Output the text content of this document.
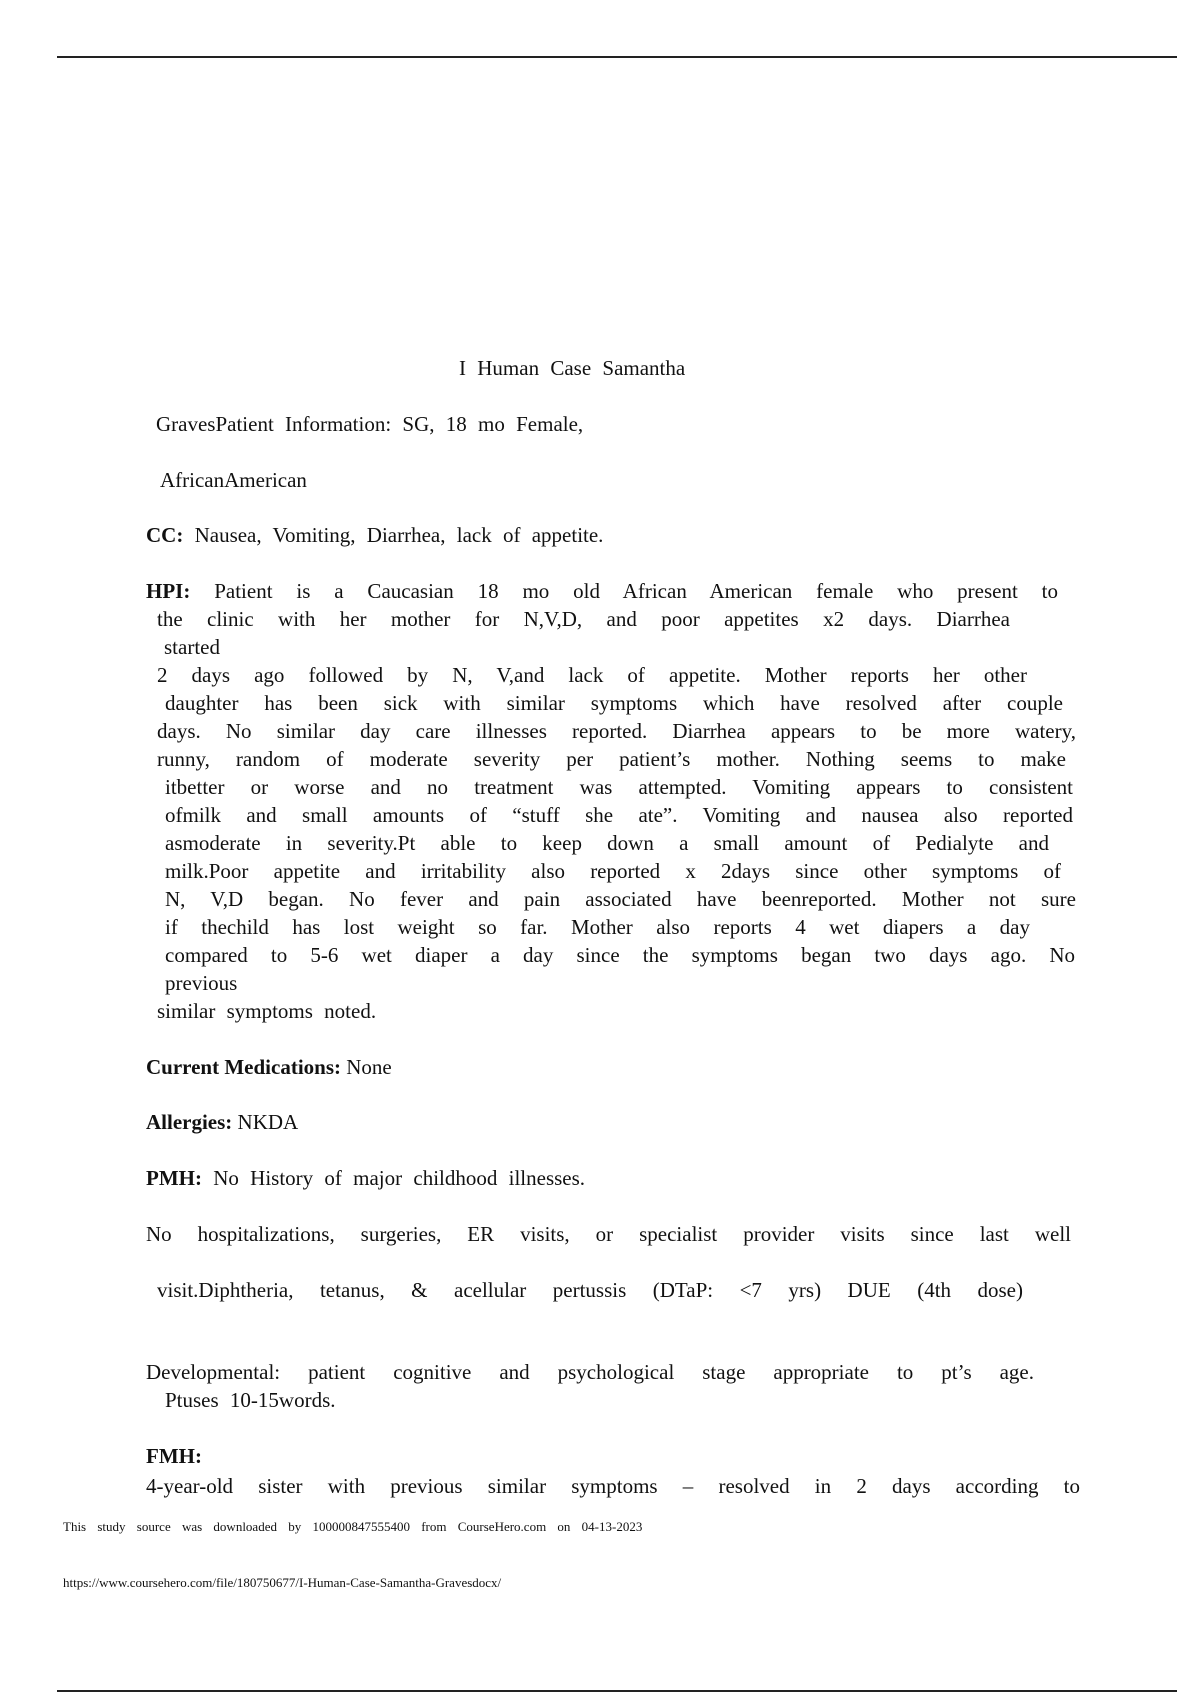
I Human Case Samantha
GravesPatient Information: SG, 18 mo Female,
AfricanAmerican
CC: Nausea, Vomiting, Diarrhea, lack of appetite.
HPI: Patient is a Caucasian 18 mo old African American female who present to
the clinic with her mother for N,V,D, and poor appetites x2 days. Diarrhea
started
2 days ago followed by N, V,and lack of appetite. Mother reports her other
daughter has been sick with similar symptoms which have resolved after couple
days. No similar day care illnesses reported. Diarrhea appears to be more watery,
runny, random of moderate severity per patient’s mother. Nothing seems to make
itbetter or worse and no treatment was attempted. Vomiting appears to consistent
ofmilk and small amounts of “stuff she ate”. Vomiting and nausea also reported
asmoderate in severity.Pt able to keep down a small amount of Pedialyte and
milk.Poor appetite and irritability also reported x 2days since other symptoms of
N, V,D began. No fever and pain associated have beenreported. Mother not sure
if thechild has lost weight so far. Mother also reports 4 wet diapers a day
compared to 5-6 wet diaper a day since the symptoms began two days ago. No
previous
similar symptoms noted.
Current Medications: None
Allergies: NKDA
PMH: No History of major childhood illnesses.
No hospitalizations, surgeries, ER visits, or specialist provider visits since last well
visit.Diphtheria, tetanus, & acellular pertussis (DTaP: <7 yrs) DUE (4th dose)
Developmental: patient cognitive and psychological stage appropriate to pt’s age.
Ptuses 10-15words.
FMH:
4-year-old sister with previous similar symptoms – resolved in 2 days according to
This study source was downloaded by 100000847555400 from CourseHero.com on 04-13-2023
https://www.coursehero.com/file/180750677/I-Human-Case-Samantha-Gravesdocx/
